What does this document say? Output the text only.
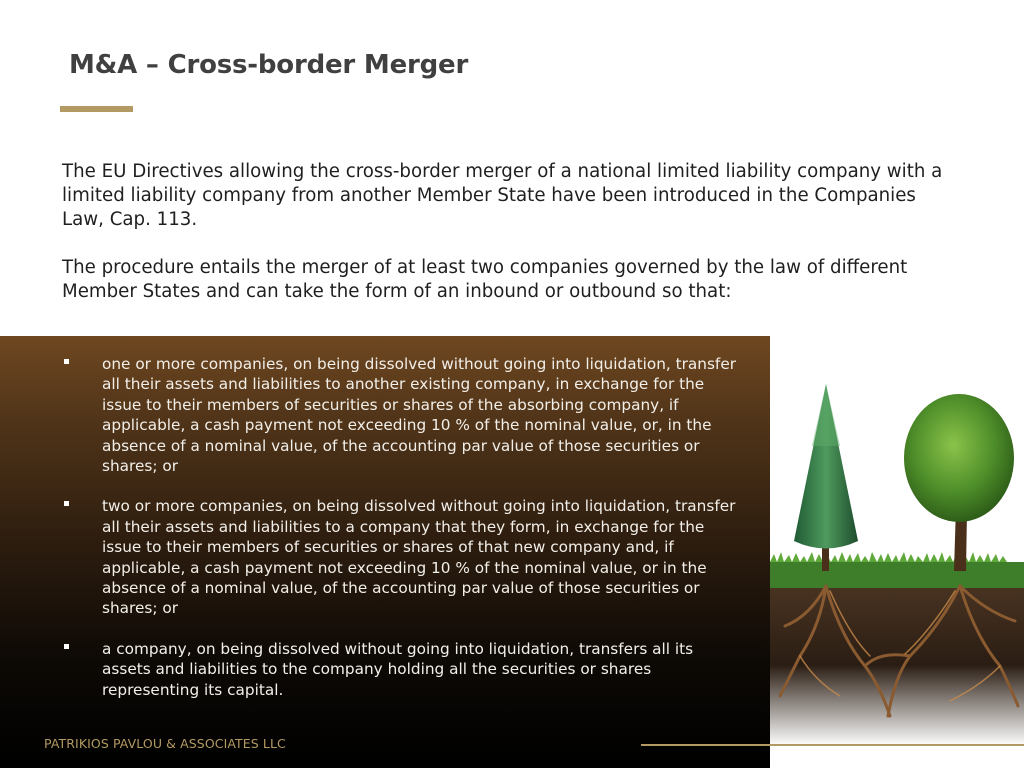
M&A – Cross-border Merger

The EU Directives allowing the cross-border merger of a national limited liability company with a limited liability company from another Member State have been introduced in the Companies Law, Cap. 113.

The procedure entails the merger of at least two companies governed by the law of different Member States and can take the form of an inbound or outbound so that:

one or more companies, on being dissolved without going into liquidation, transfer all their assets and liabilities to another existing company, in exchange for the issue to their members of securities or shares of the absorbing company, if applicable, a cash payment not exceeding 10 % of the nominal value, or, in the absence of a nominal value, of the accounting par value of those securities or shares; or
two or more companies, on being dissolved without going into liquidation, transfer all their assets and liabilities to a company that they form, in exchange for the issue to their members of securities or shares of that new company and, if applicable, a cash payment not exceeding 10 % of the nominal value, or in the absence of a nominal value, of the accounting par value of those securities or shares; or
a company, on being dissolved without going into liquidation, transfers all its assets and liabilities to the company holding all the securities or shares representing its capital.
PATRIKIOS PAVLOU & ASSOCIATES LLC
